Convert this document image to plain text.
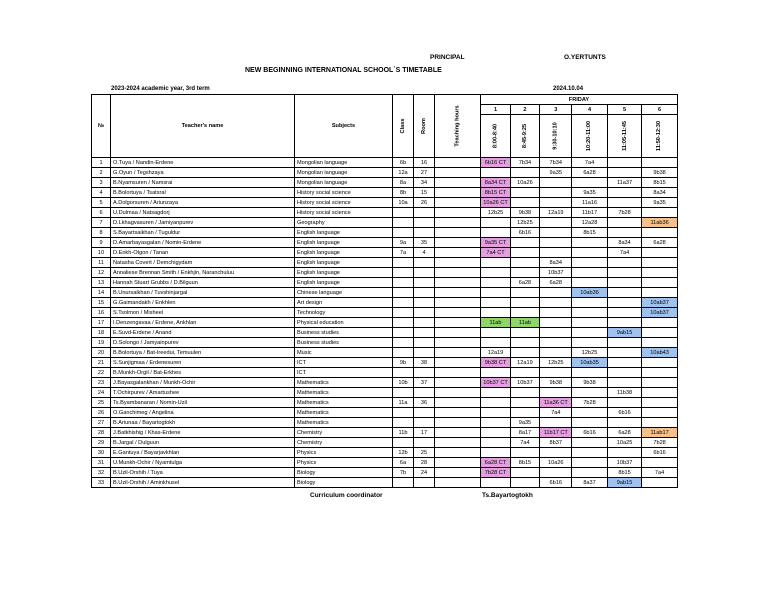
PRINCIPAL	O.YERTUNTS
NEW BEGINNING INTERNATIONAL SCHOOL`S TIMETABLE
2023-2024 academic year, 3rd term	2024.10.04
№	Teacher's name	Subjects	Class	Room	Teaching hours	FRIDAY					
						1	2	3	4	5	6

						8:00-8:40	8:45-9:25	9:30-10:10	10:20-11:00	11:05-11:45	11:50-12:30

1	O.Tuya / Nandin-Erdene	Mongolian language	6b	16		6b16 CT	7b34	7b34	7a4		
2	G.Oyun / Tegshzaya	Mongolian language	12a	27				9a35	6a28		9b38
3	B.Nyamsuren / Namsrai	Mongolian language	8a	34		8a34 CT	10a26			11a37	8b15
4	B.Bolortuya / Tsatsral	History social science	8b	15		8b15 CT			9a35		8a34
5	A.Dolgorsuren / Ariunzaya	History social science	10a	26		10a26 CT			11a16		9a35
6	U.Dulmaa / Natsagdorj	History social science				12b25	9b38	12a19	11b17	7b28	
7	D.Lkhagvasuren / Jamiyanpurev	Geography					12b25		12a28		11ab36
8	S.Bayartsaikhan / Tuguldur	English language					6b16		8b15		
9	D.Amarbayasgalan / Nomin-Erdene	English language	9a	35		9a35 CT				8a34	6a28
10	D.Enkh-Otgon / Tanan	English language	7a	4		7a4 CT				7a4	
11	Natasha Covert / Demchigydam	English language						8a34			
12	Annaliese Brennan Smith / Enkhjin, Naranchuluu	English language						10b37			
13	Hannah Stuart Grubbs / D.Bilguun	English language					6a28	6a28			
14	B.Unursaikhan / Tuvshinjargal	Chinese language							10ab36		
15	G.Gaimandakh / Enkhlen	Art design									10ab37
16	S.Tsolmon / Misheel	Technology									10ab37
17	I.Denzengavaa / Erdene, Ankhlan	Physical education				11ab	11ab				
18	E.Suvd-Erdene / Anand	Business studies								9ab15	
19	D.Solongo / Jamyainpurev	Business studies									
20	B.Bolortuya / Bat-Ireedui, Temuulen	Music				12a19			12b25		10ab43
21	S.Sunjigmaa / Erdenesuren	ICT	9b	38		9b38 CT	12a19	12b25	10ab35		
22	B.Munkh-Orgil / Bat-Erkhes	ICT									
23	J.Bayasgalankhan / Munkh-Ochir	Mathematics	10b	37		10b37 CT	10b37	9b38	9b38		
24	T.Ochirpurev / Amartushee	Mathematics								11b38	
25	Ts.Byambanaran / Nomin-Uzil	Mathematics	11a	36				11a36 CT	7b28		
26	O.Ganchimeg / Angelina	Mathematics						7a4		6b16	
27	B.Ariunaa / Bayartogtokh	Mathematics					9a35				
28	J.Batkhishig / Khas-Erdene	Chemistry	11b	17			8a17	11b17 CT	6b16	6a28	11ab17
29	B.Jargal / Dulguun	Chemistry					7a4	8b37		10a25	7b28
30	E.Gantuya / Bayarjavkhlan	Physics	12b	25							6b16
31	U.Munkh-Ochir / Nyamtulga	Physics	6a	28		6a28 CT	8b15	10a26		10b37	
32	B.Uzil-Orshih / Tuya	Biology	7b	24		7b28 CT				8b15	7a4
33	B.Uzil-Orshih / Aminkhusel	Biology						6b16	8a37	9ab15	
Curriculum coordinator	Ts.Bayartogtokh
